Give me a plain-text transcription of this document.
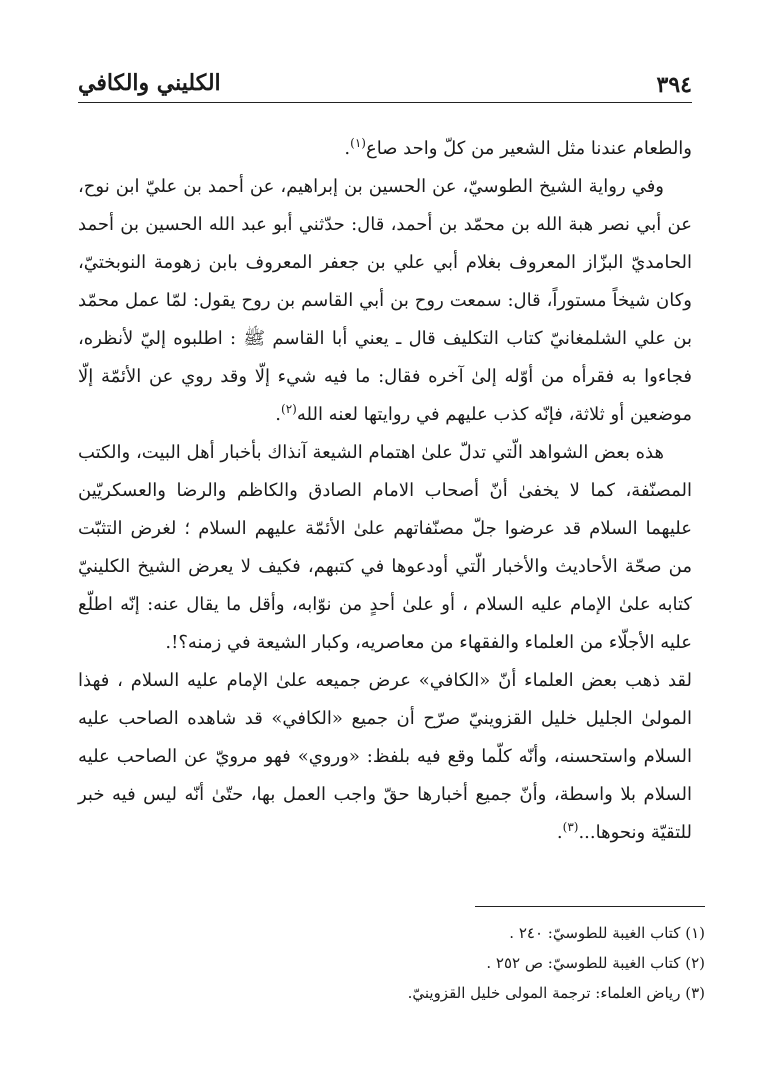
٣٩٤
الكليني والكافي

والطعام عندنا مثل الشعير من كلّ واحد صاع$^{(١)}$.

وفي رواية الشيخ الطوسيّ، عن الحسين بن إبراهيم، عن أحمد بن عليّ ابن نوح، عن أبي نصر هبة الله بن محمّد بن أحمد، قال: حدّثني أبو عبد الله الحسين بن أحمد الحامديّ البزّاز المعروف بغلام أبي علي بن جعفر المعروف بابن زهومة النوبختيّ، وكان شيخاً مستوراً، قال: سمعت روح بن أبي القاسم بن روح يقول: لمّا عمل محمّد بن علي الشلمغانيّ كتاب التكليف قال ـ يعني أبا القاسم ﷺ : اطلبوه إليّ لأنظره، فجاءوا به فقرأه من أوّله إلىٰ آخره فقال: ما فيه شيء إلّا وقد روي عن الأئمّة إلّا موضعين أو ثلاثة، فإنّه كذب عليهم في روايتها لعنه الله$^{(٢)}$.

هذه بعض الشواهد الّتي تدلّ علىٰ اهتمام الشيعة آنذاك بأخبار أهل البيت، والكتب المصنّفة، كما لا يخفىٰ أنّ أصحاب الامام الصادق والكاظم والرضا والعسكريّين عليهما السلام قد عرضوا جلّ مصنّفاتهم علىٰ الأئمّة عليهم السلام ؛ لغرض التثبّت من صحّة الأحاديث والأخبار الّتي أودعوها في كتبهم، فكيف لا يعرض الشيخ الكلينيّ كتابه علىٰ الإمام عليه السلام ، أو علىٰ أحدٍ من نوّابه، وأقل ما يقال عنه: إنّه اطلّع عليه الأجلّاء من العلماء والفقهاء من معاصريه، وكبار الشيعة في زمنه؟!.

لقد ذهب بعض العلماء أنّ «الكافي» عرض جميعه علىٰ الإمام عليه السلام ، فهذا المولىٰ الجليل خليل القزوينيّ صرّح أن جميع «الكافي» قد شاهده الصاحب عليه السلام واستحسنه، وأنّه كلّما وقع فيه بلفظ: «وروي» فهو مرويّ عن الصاحب عليه السلام بلا واسطة، وأنّ جميع أخبارها حقّ واجب العمل بها، حتّىٰ أنّه ليس فيه خبر للتقيّة ونحوها...$^{(٣)}$.

(١) كتاب الغيبة للطوسيّ: ٢٤٠ .

(٢) كتاب الغيبة للطوسيّ: ص ٢٥٢ .

(٣) رياض العلماء: ترجمة المولى خليل القزوينيّ.
